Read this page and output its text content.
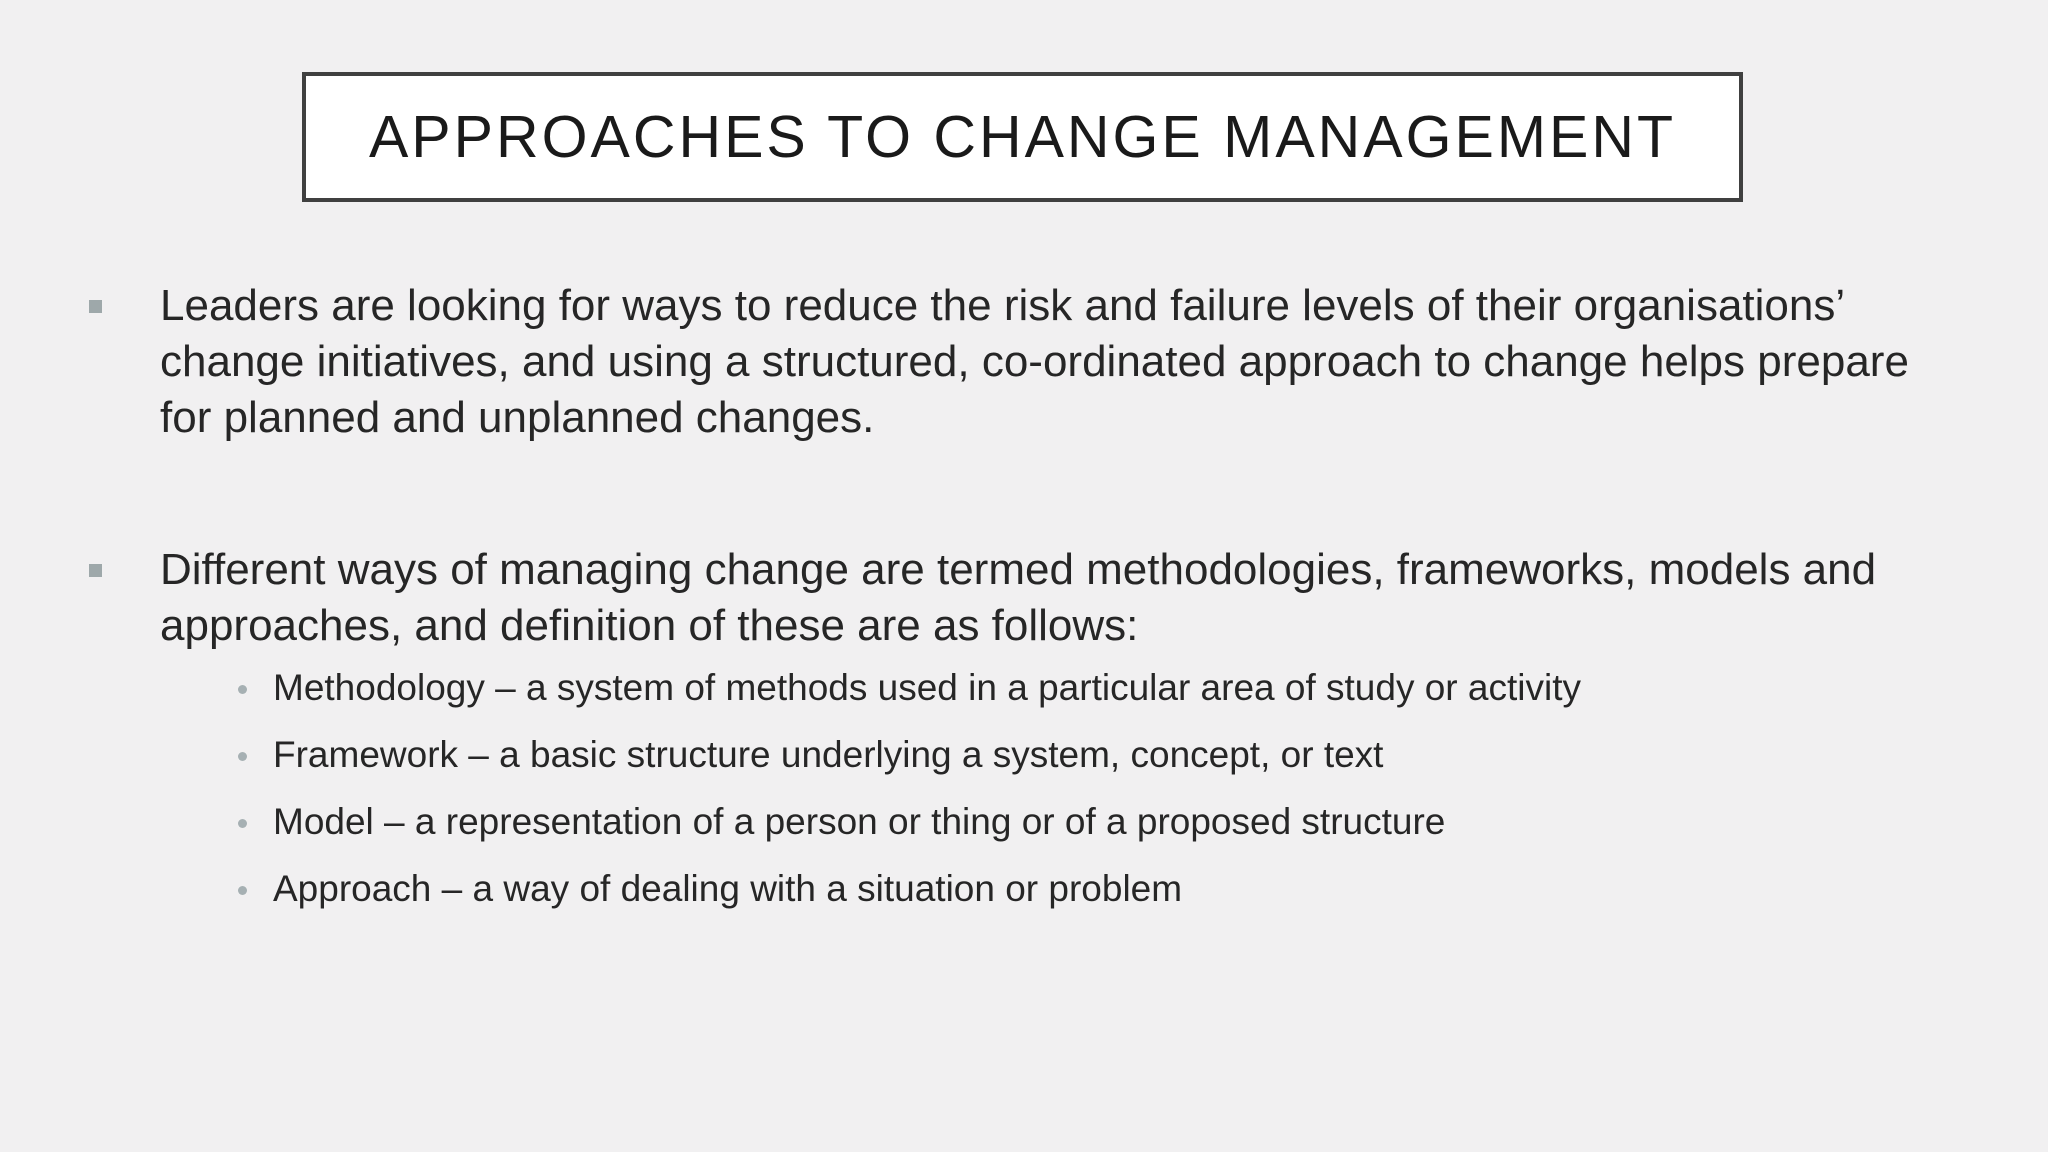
APPROACHES TO CHANGE MANAGEMENT
Leaders are looking for ways to reduce the risk and failure levels of their organisations’ change initiatives, and using a structured, co-ordinated approach to change helps prepare for planned and unplanned changes.
Different ways of managing change are termed methodologies, frameworks, models and approaches, and definition of these are as follows:
Methodology – a system of methods used in a particular area of study or activity
Framework – a basic structure underlying a system, concept, or text
Model – a representation of a person or thing or of a proposed structure
Approach – a way of dealing with a situation or problem
